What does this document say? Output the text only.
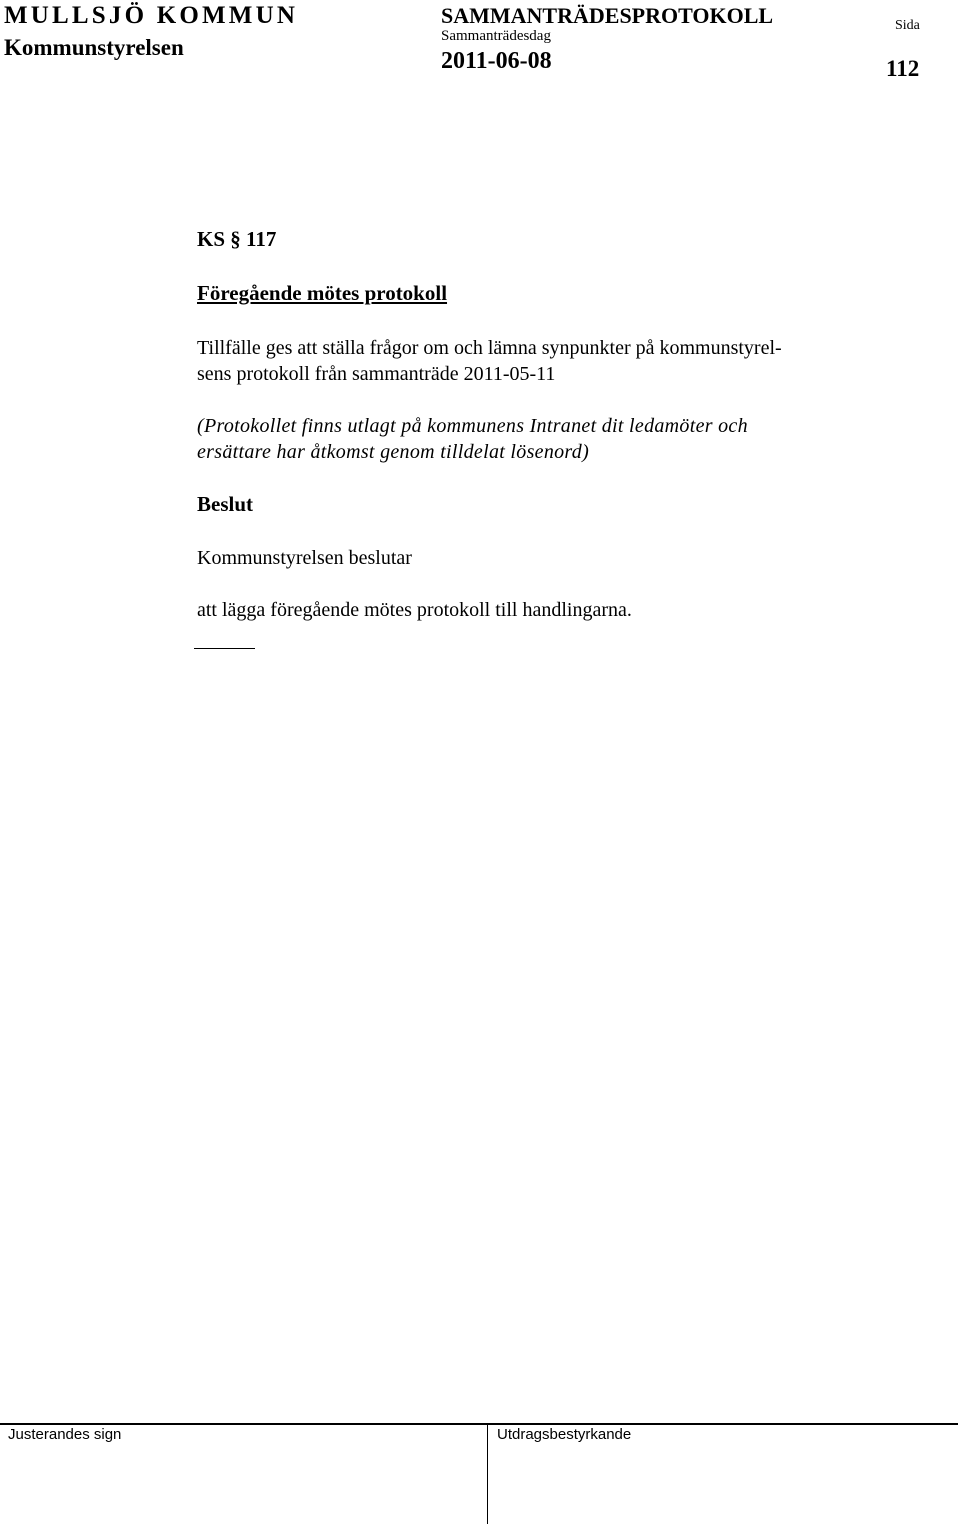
MULLSJÖ KOMMUN
Kommunstyrelsen
SAMMANTRÄDESPROTOKOLL
Sammanträdesdag
2011-06-08
Sida
112
KS § 117
Föregående mötes protokoll
Tillfälle ges att ställa frågor om och lämna synpunkter på kommunstyrel-
sens protokoll från sammanträde 2011-05-11
(Protokollet finns utlagt på kommunens Intranet dit ledamöter och
ersättare har åtkomst genom tilldelat lösenord)
Beslut
Kommunstyrelsen beslutar
att lägga föregående mötes protokoll till handlingarna.
Justerandes sign	Utdragsbestyrkande
